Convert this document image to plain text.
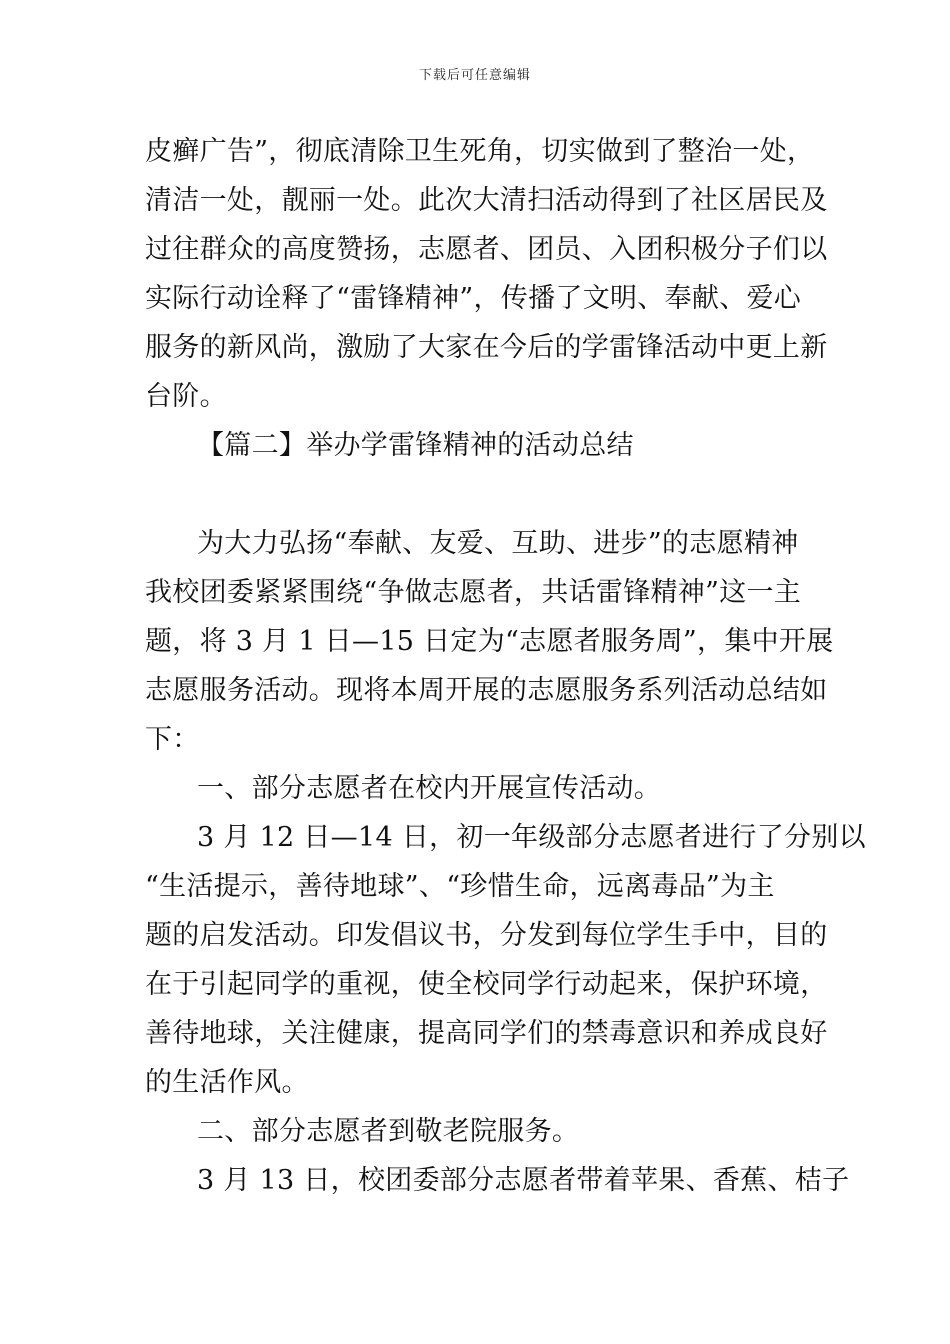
下载后可任意编辑
皮癣广告”，彻底清除卫生死角，切实做到了整治一处，
清洁一处，靓丽一处。此次大清扫活动得到了社区居民及
过往群众的高度赞扬，志愿者、团员、入团积极分子们以
实际行动诠释了“雷锋精神”，传播了文明、奉献、爱心
服务的新风尚，激励了大家在今后的学雷锋活动中更上新
台阶。
【篇二】举办学雷锋精神的活动总结
为大力弘扬“奉献、友爱、互助、进步”的志愿精神
我校团委紧紧围绕“争做志愿者，共话雷锋精神”这一主
题，将 3 月 1 日—15 日定为“志愿者服务周”，集中开展
志愿服务活动。现将本周开展的志愿服务系列活动总结如
下：
一、部分志愿者在校内开展宣传活动。
3 月 12 日—14 日，初一年级部分志愿者进行了分别以
“生活提示，善待地球”、“珍惜生命，远离毒品”为主
题的启发活动。印发倡议书，分发到每位学生手中，目的
在于引起同学的重视，使全校同学行动起来，保护环境，
善待地球，关注健康，提高同学们的禁毒意识和养成良好
的生活作风。
二、部分志愿者到敬老院服务。
3 月 13 日，校团委部分志愿者带着苹果、香蕉、桔子
